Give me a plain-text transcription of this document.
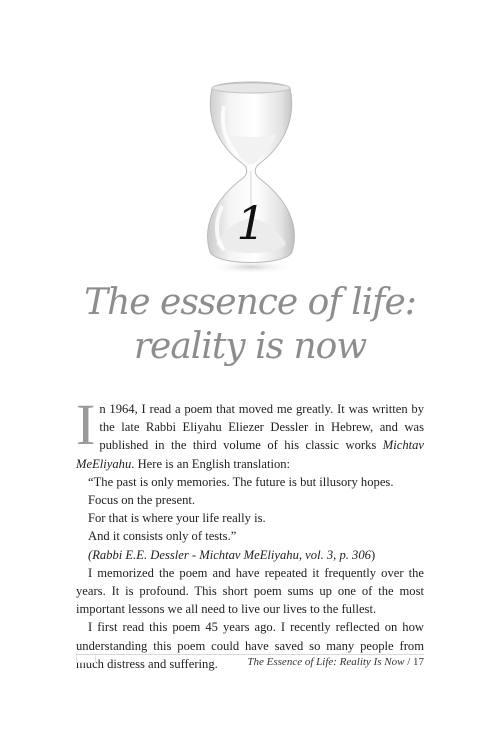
1
The essence of life:
reality is now

In 1964, I read a poem that moved me greatly. It was written by the late Rabbi Eliyahu Eliezer Dessler in Hebrew, and was published in the third volume of his classic works Michtav MeEliyahu. Here is an English translation:

“The past is only memories. The future is but illusory hopes.

Focus on the present.

For that is where your life really is.

And it consists only of tests.”

(Rabbi E.E. Dessler - Michtav MeEliyahu, vol. 3, p. 306)

I memorized the poem and have repeated it frequently over the years. It is profound. This short poem sums up one of the most important lessons we all need to live our lives to the fullest.

I first read this poem 45 years ago. I recently reflected on how understanding this poem could have saved so many people from much distress and suffering.	The Essence of Life: Reality Is Now / 17
